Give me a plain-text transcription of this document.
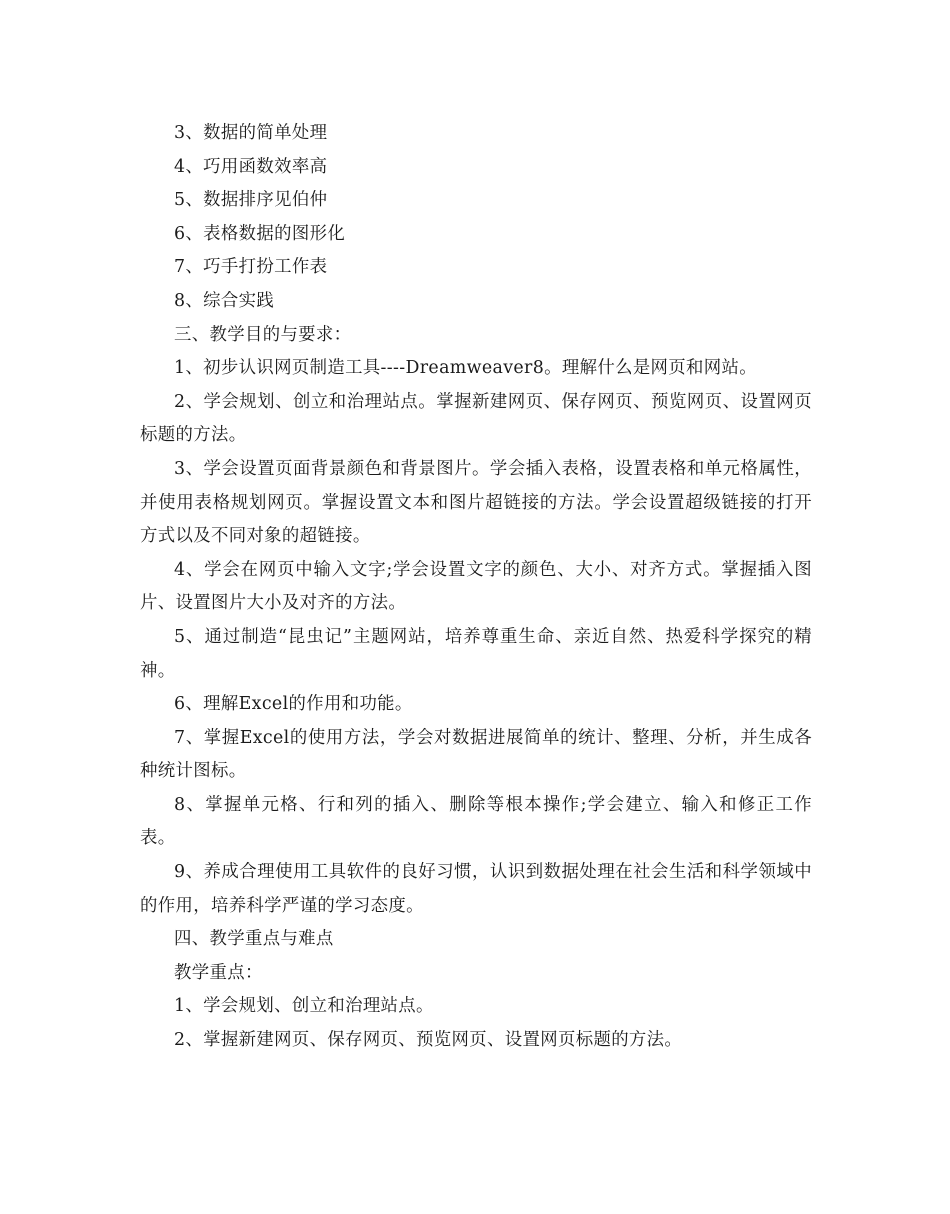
3、数据的简单处理

4、巧用函数效率高

5、数据排序见伯仲

6、表格数据的图形化

7、巧手打扮工作表

8、综合实践

三、教学目的与要求：

1、初步认识网页制造工具----Dreamweaver8。理解什么是网页和网站。

2、学会规划、创立和治理站点。掌握新建网页、保存网页、预览网页、设置网页标题的方法。

3、学会设置页面背景颜色和背景图片。学会插入表格，设置表格和单元格属性，并使用表格规划网页。掌握设置文本和图片超链接的方法。学会设置超级链接的打开方式以及不同对象的超链接。

4、学会在网页中输入文字;学会设置文字的颜色、大小、对齐方式。掌握插入图片、设置图片大小及对齐的方法。

5、通过制造“昆虫记”主题网站，培养尊重生命、亲近自然、热爱科学探究的精神。

6、理解Excel的作用和功能。

7、掌握Excel的使用方法，学会对数据进展简单的统计、整理、分析，并生成各种统计图标。

8、掌握单元格、行和列的插入、删除等根本操作;学会建立、输入和修正工作表。

9、养成合理使用工具软件的良好习惯，认识到数据处理在社会生活和科学领域中的作用，培养科学严谨的学习态度。

四、教学重点与难点

教学重点：

1、学会规划、创立和治理站点。

2、掌握新建网页、保存网页、预览网页、设置网页标题的方法。
